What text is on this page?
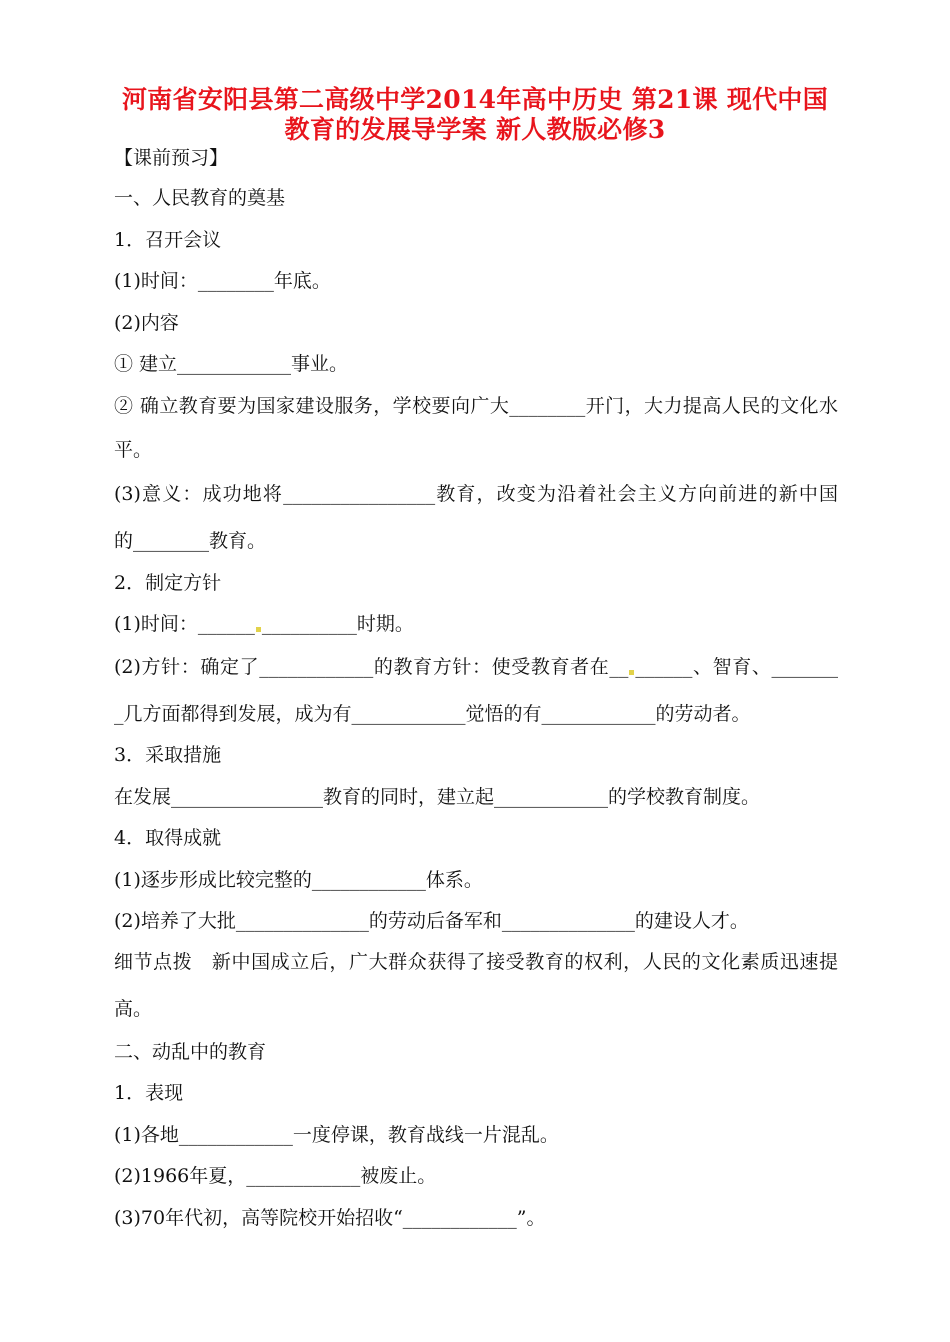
河南省安阳县第二高级中学2014年高中历史 第21课 现代中国
教育的发展导学案 新人教版必修3
【课前预习】
一、人民教育的奠基
1．召开会议
(1)时间：________年底。
(2)内容
① 建立____________事业。
② 确立教育要为国家建设服务，学校要向广大________开门，大力提高人民的文化水
平。
(3)意义：成功地将________________教育，改变为沿着社会主义方向前进的新中国
的________教育。
2．制定方针
(1)时间：______ __________时期。
(2)方针：确定了____________的教育方针：使受教育者在__ ______、智育、_______
_几方面都得到发展，成为有____________觉悟的有____________的劳动者。
3．采取措施
在发展________________教育的同时，建立起____________的学校教育制度。
4．取得成就
(1)逐步形成比较完整的____________体系。
(2)培养了大批______________的劳动后备军和______________的建设人才。
细节点拨　新中国成立后，广大群众获得了接受教育的权利，人民的文化素质迅速提
高。
二、动乱中的教育
1．表现
(1)各地____________一度停课，教育战线一片混乱。
(2)1966年夏，____________被废止。
(3)70年代初，高等院校开始招收“____________”。
